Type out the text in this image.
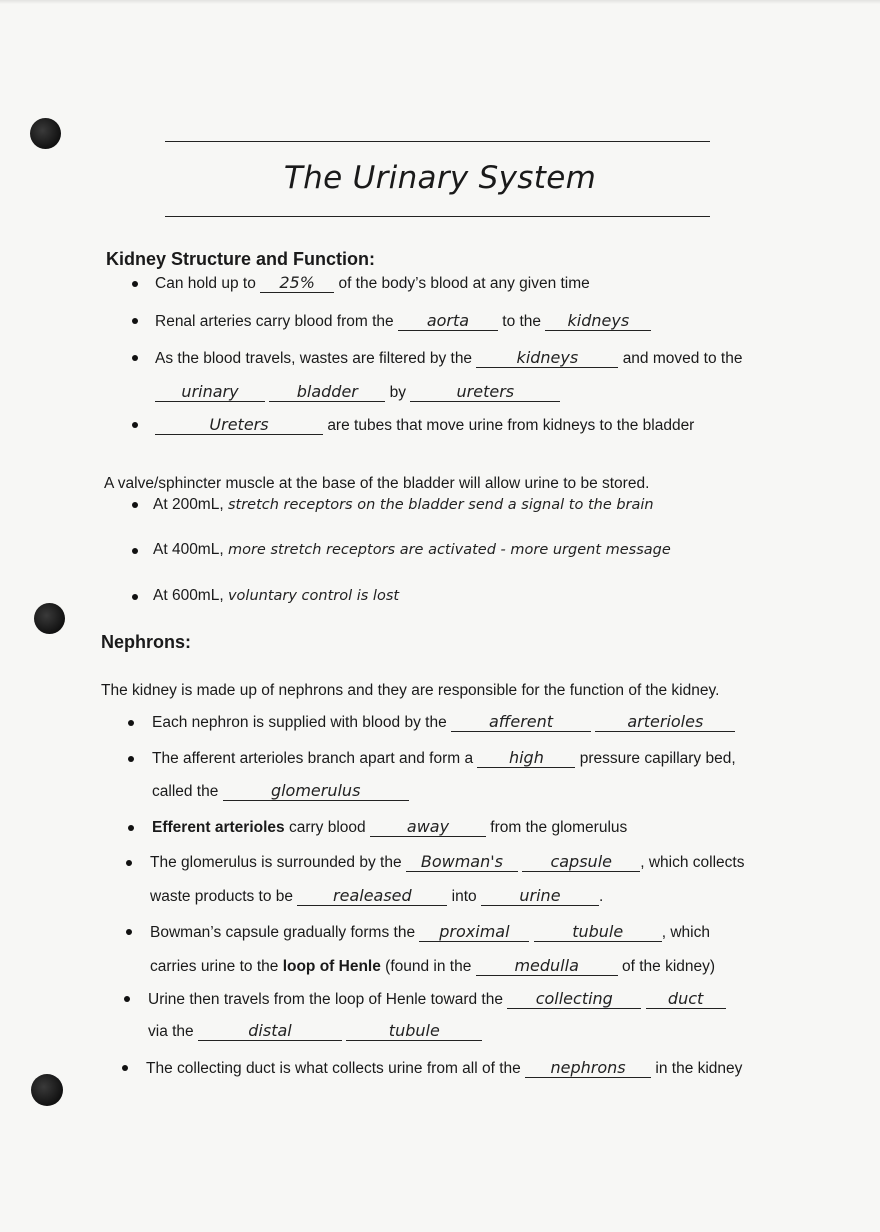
The Urinary System
Kidney Structure and Function:
Can hold up to 25% of the body’s blood at any given time
Renal arteries carry blood from the aorta to the kidneys
As the blood travels, wastes are filtered by the	kidneys	and moved to the
urinary	bladder by	ureters
Ureters	are tubes that move urine from kidneys to the bladder
A valve/sphincter muscle at the base of the bladder will allow urine to be stored.
At 200mL, stretch receptors on the bladder send a signal to the brain
At 400mL, more stretch receptors are activated - more urgent message
At 600mL, voluntary control is lost
Nephrons:
The kidney is made up of nephrons and they are responsible for the function of the kidney.
Each nephron is supplied with blood by the	afferent	arterioles
The afferent arterioles branch apart and form a high pressure capillary bed,
called the	glomerulus
Efferent arterioles carry blood	away	from the glomerulus
The glomerulus is surrounded by the Bowman's	capsule , which collects
waste products to be realeased	into	urine .
Bowman’s capsule gradually forms the proximal	tubule , which
carries urine to the loop of Henle (found in the	medulla	of the kidney)
Urine then travels from the loop of Henle toward the collecting	duct
via the	distal	tubule
The collecting duct is what collects urine from all of the nephrons in the kidney
